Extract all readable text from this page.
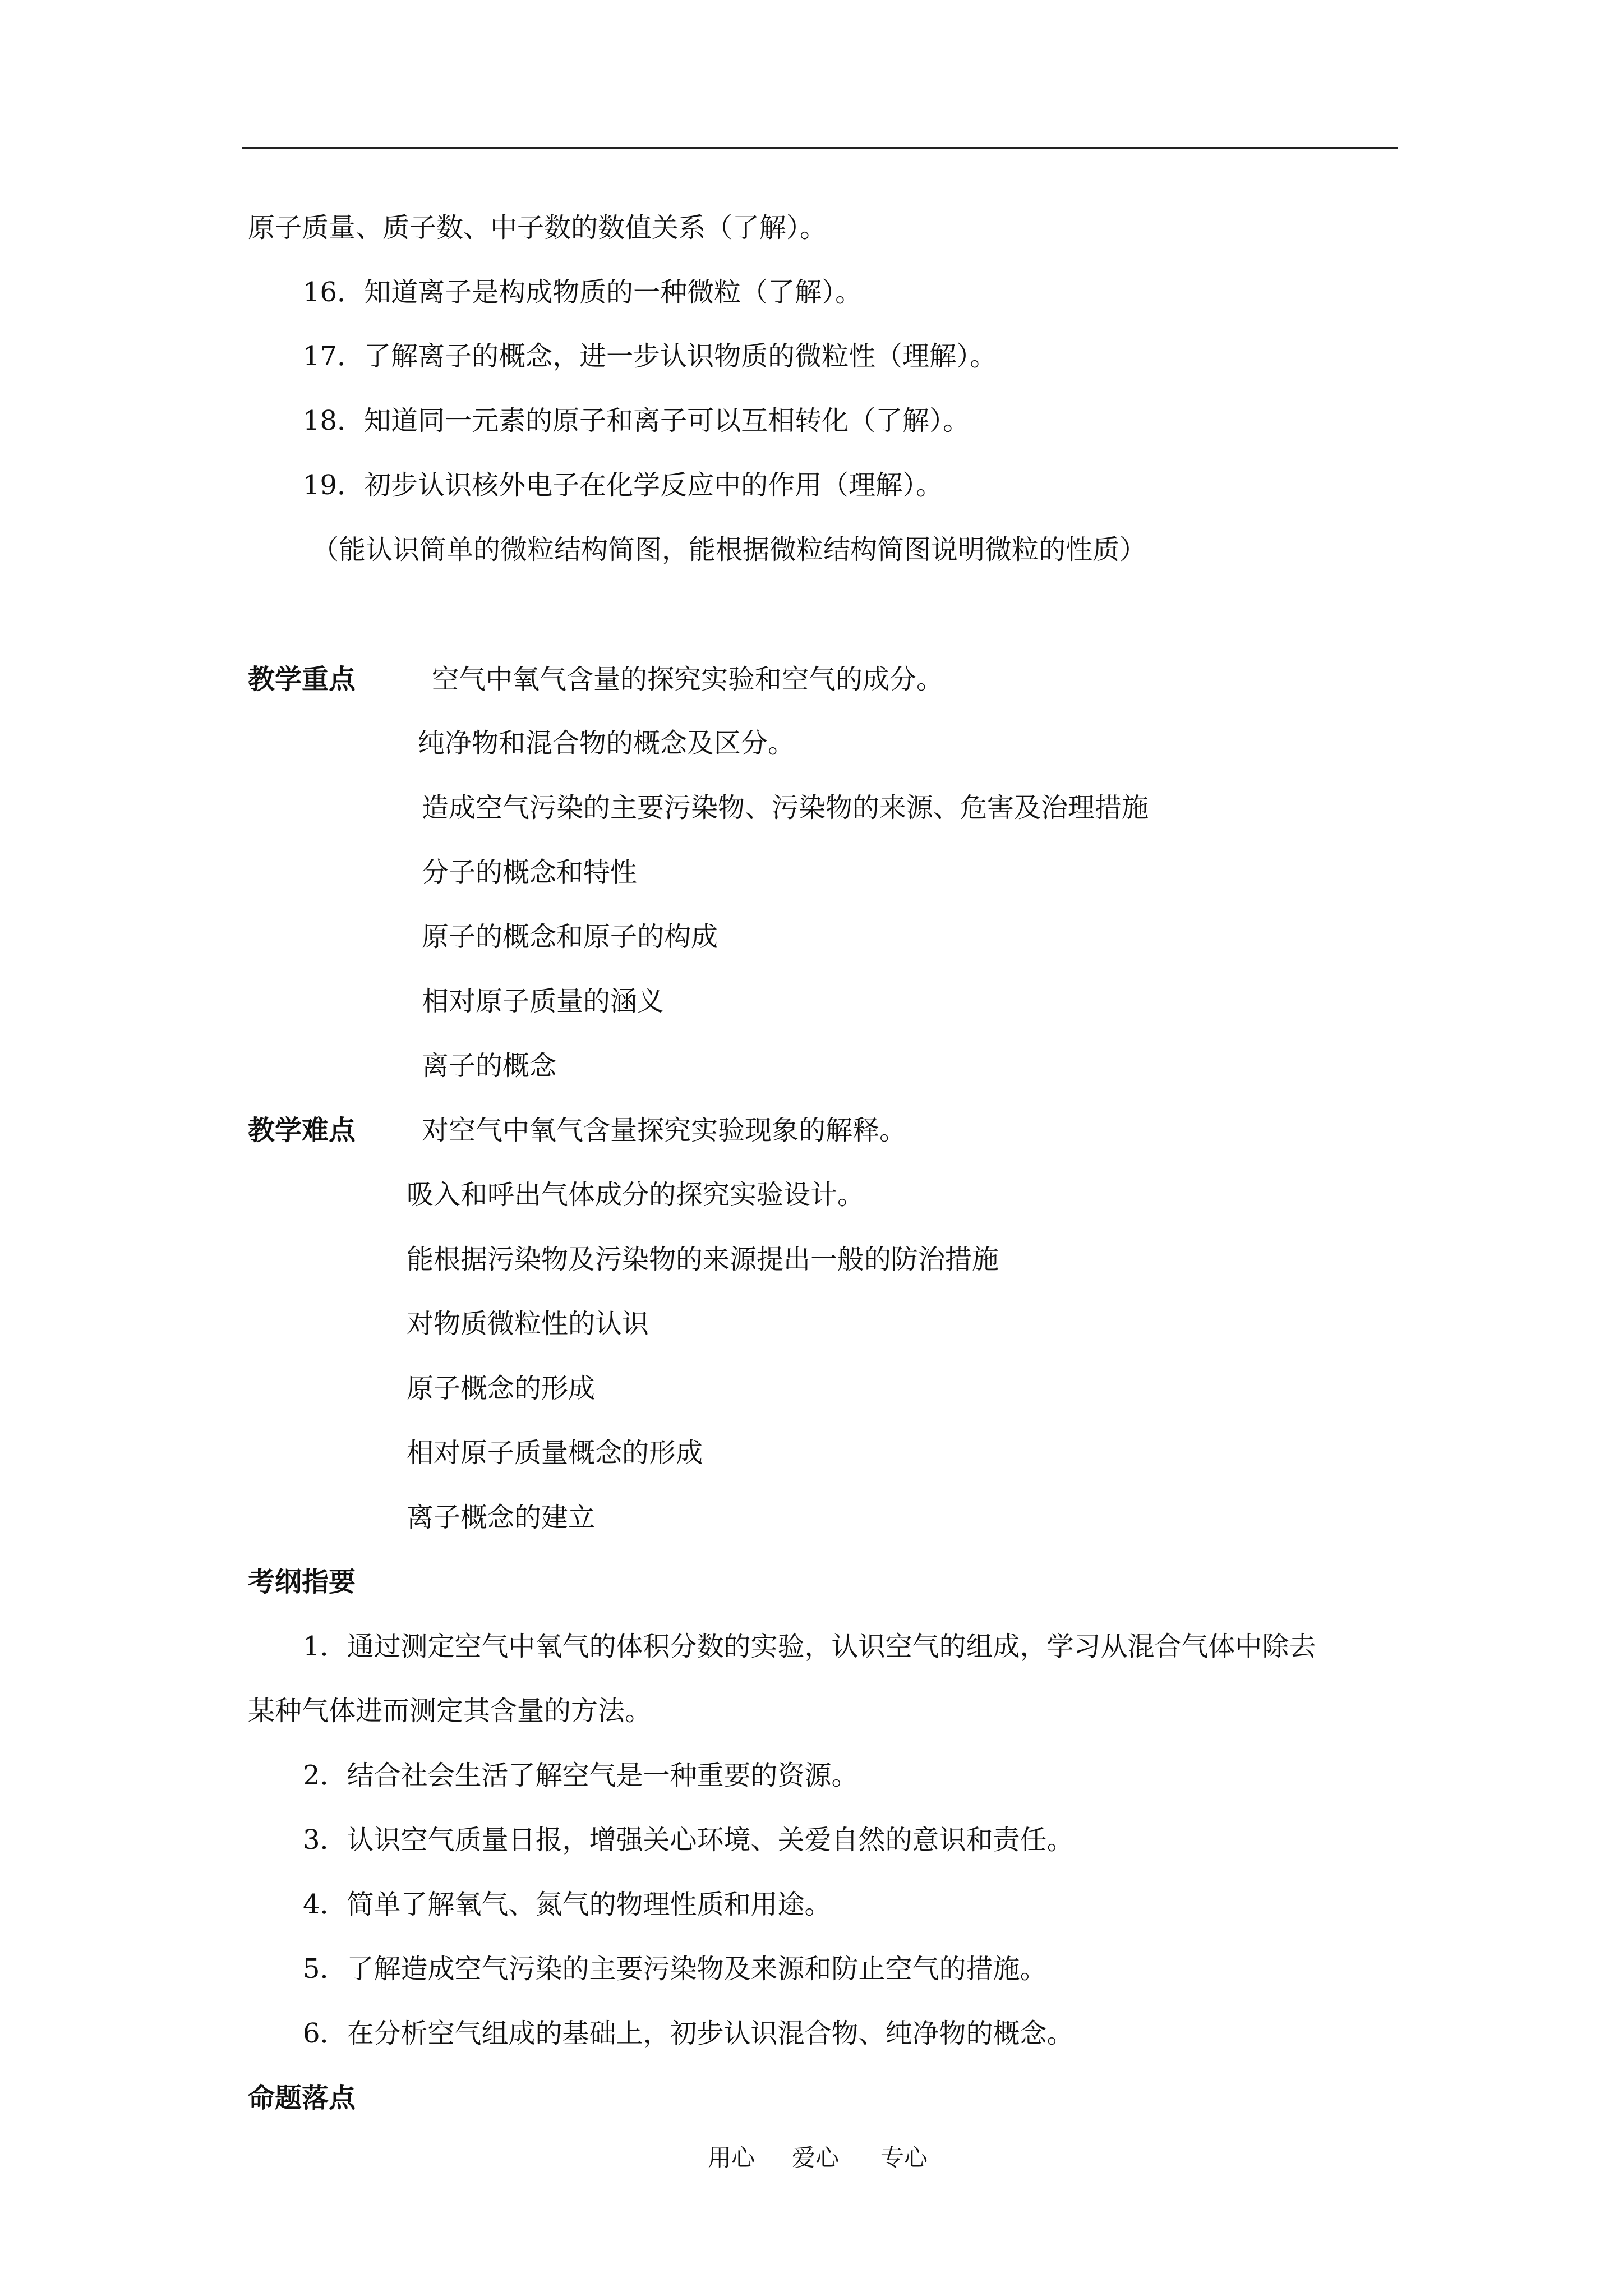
原子质量、质子数、中子数的数值关系（了解）。
16．知道离子是构成物质的一种微粒（了解）。
17．了解离子的概念，进一步认识物质的微粒性（理解）。
18．知道同一元素的原子和离子可以互相转化（了解）。
19．初步认识核外电子在化学反应中的作用（理解）。
（能认识简单的微粒结构简图，能根据微粒结构简图说明微粒的性质）
教学重点	空气中氧气含量的探究实验和空气的成分。
纯净物和混合物的概念及区分。
造成空气污染的主要污染物、污染物的来源、危害及治理措施
分子的概念和特性
原子的概念和原子的构成
相对原子质量的涵义
离子的概念
教学难点 对空气中氧气含量探究实验现象的解释。
吸入和呼出气体成分的探究实验设计。
能根据污染物及污染物的来源提出一般的防治措施
对物质微粒性的认识
原子概念的形成
相对原子质量概念的形成
离子概念的建立
考纲指要
1．通过测定空气中氧气的体积分数的实验，认识空气的组成，学习从混合气体中除去
某种气体进而测定其含量的方法。
2．结合社会生活了解空气是一种重要的资源。
3．认识空气质量日报，增强关心环境、关爱自然的意识和责任。
4．简单了解氧气、氮气的物理性质和用途。
5．了解造成空气污染的主要污染物及来源和防止空气的措施。
6．在分析空气组成的基础上，初步认识混合物、纯净物的概念。
命题落点
用心 爱心 专心
